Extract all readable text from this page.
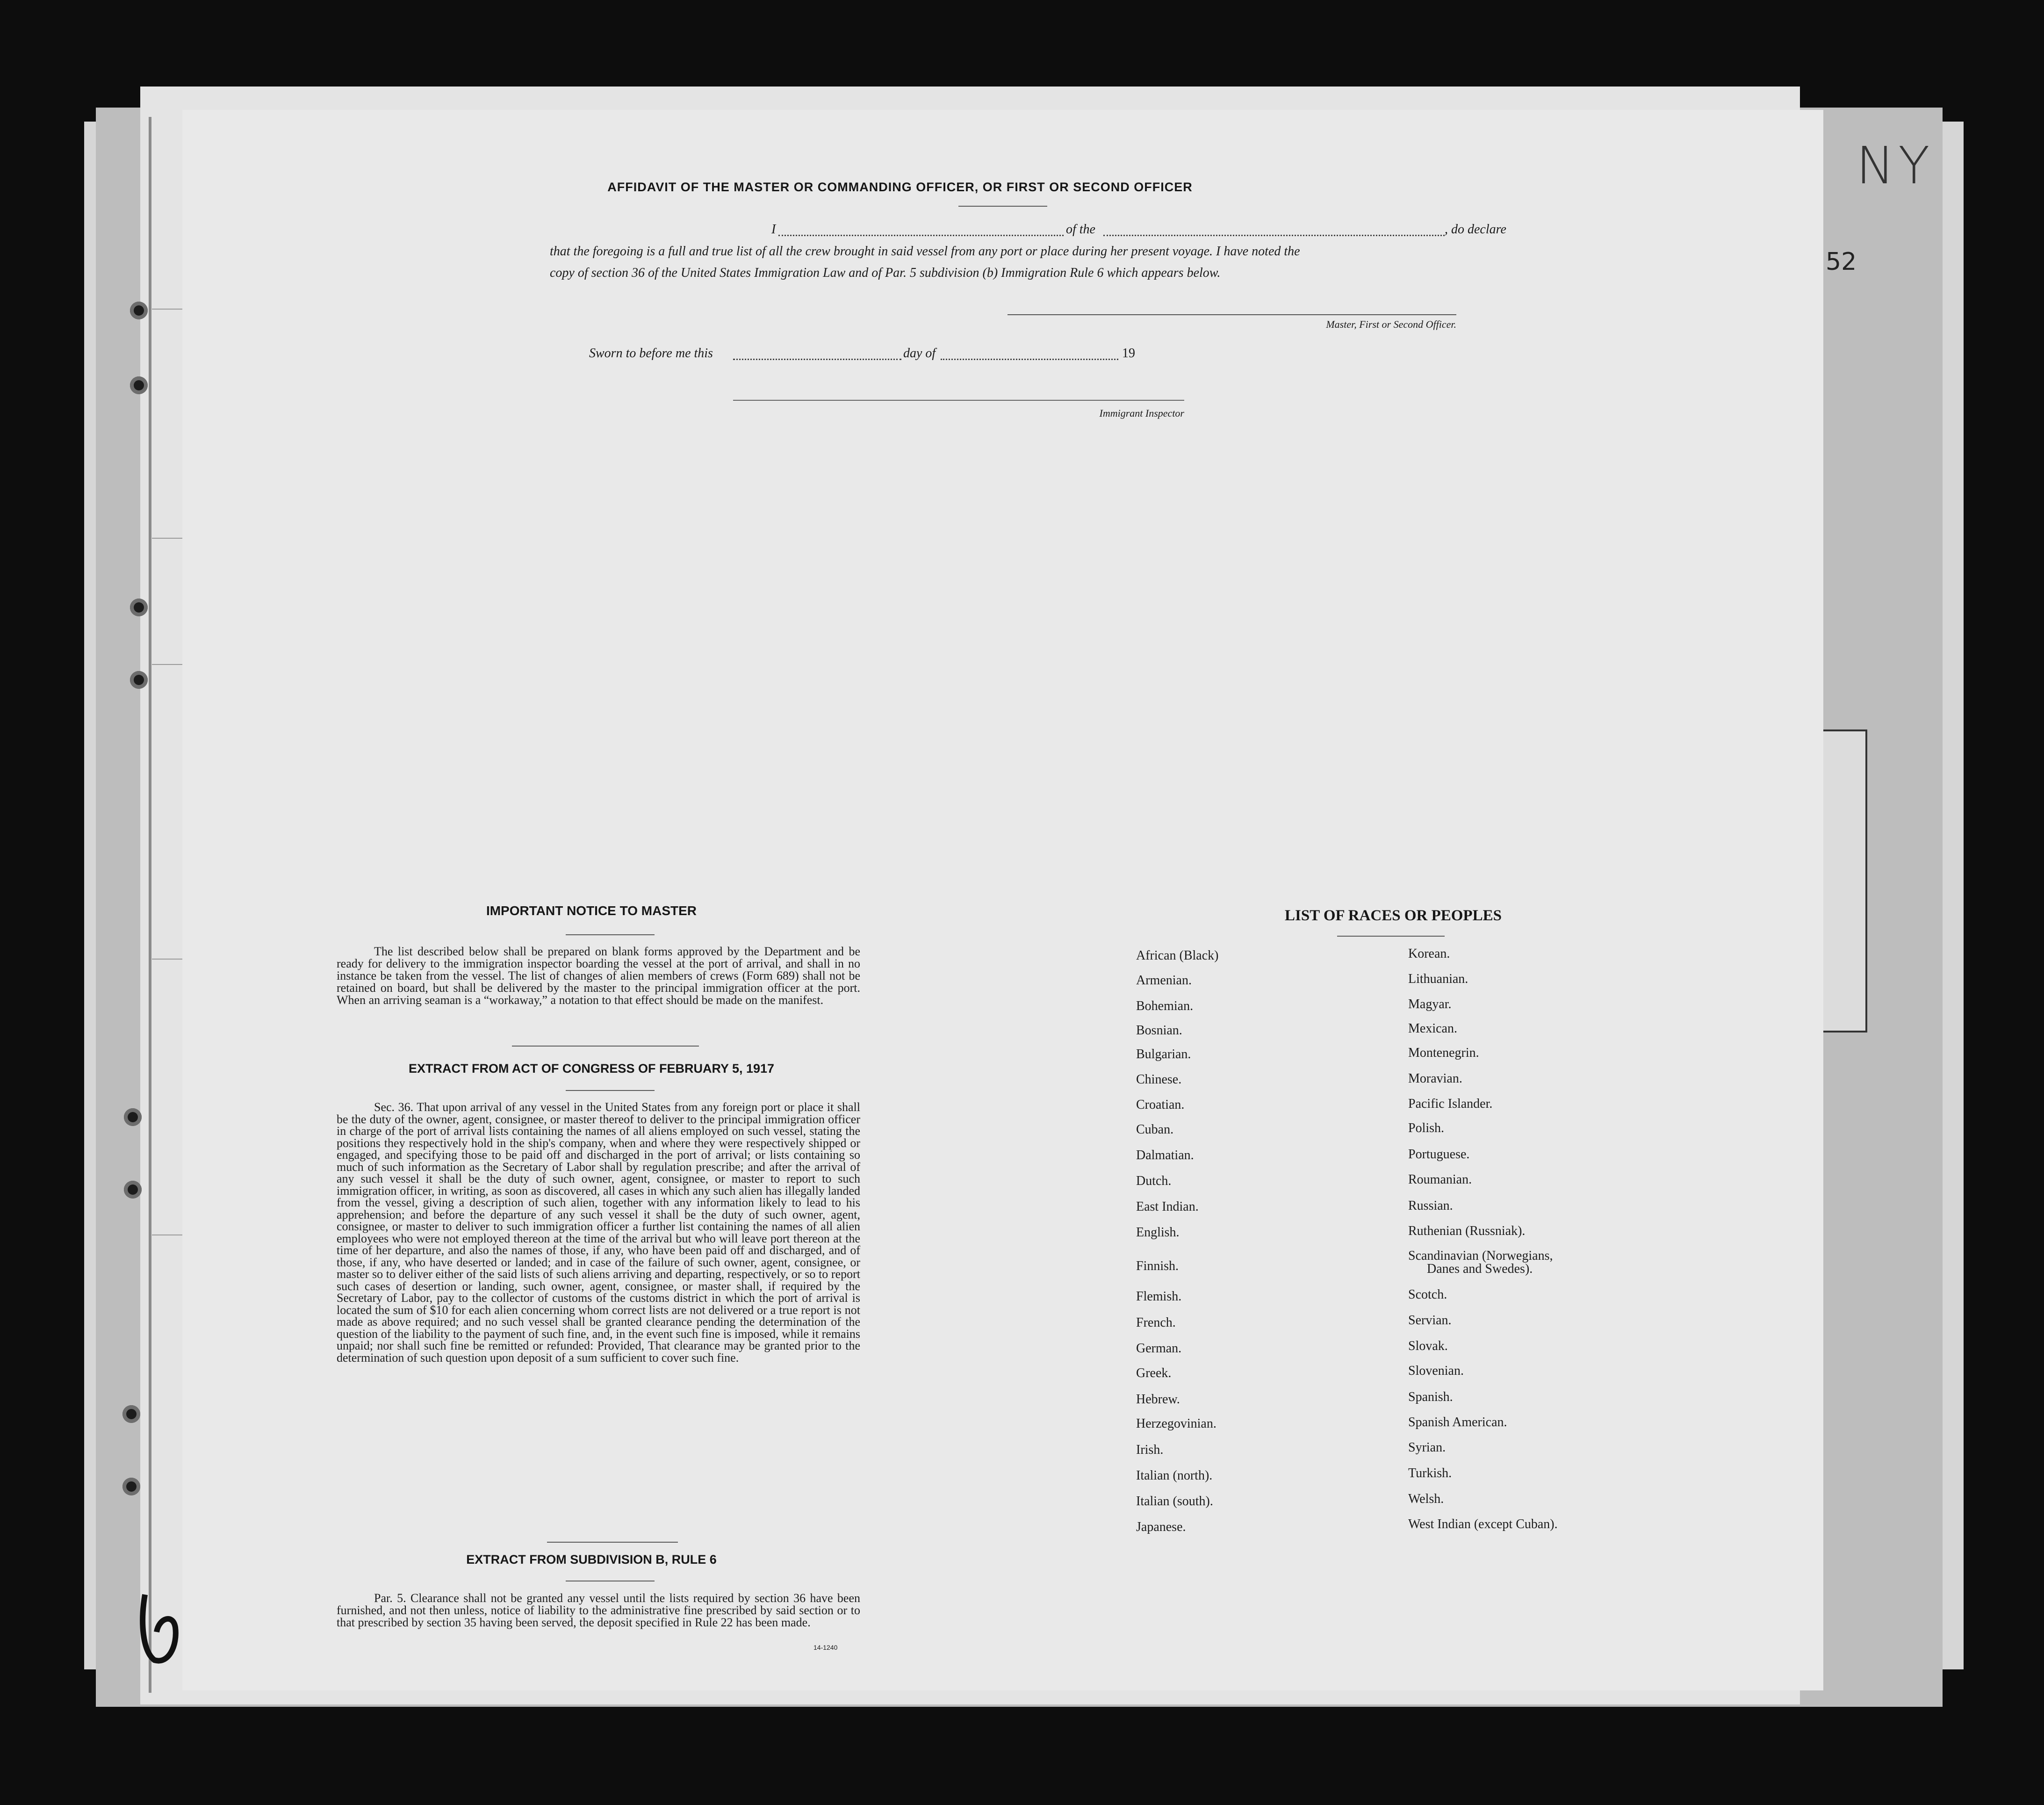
NY
52
AFFIDAVIT OF THE MASTER OR COMMANDING OFFICER, OR FIRST OR SECOND OFFICER
I	of the	, do declare
that the foregoing is a full and true list of all the crew brought in said vessel from any port or place during her present voyage. I have noted the
copy of section 36 of the United States Immigration Law and of Par. 5 subdivision (b) Immigration Rule 6 which appears below.
Master, First or Second Officer.
Sworn to before me this	day of	19
Immigrant Inspector
IMPORTANT NOTICE TO MASTER
The list described below shall be prepared on blank forms approved by the Department and be ready for delivery to the immigration inspector boarding the vessel at the port of arrival, and shall in no instance be taken from the vessel. The list of changes of alien members of crews (Form 689) shall not be retained on board, but shall be delivered by the master to the principal immigration officer at the port. When an arriving seaman is a “workaway,” a notation to that effect should be made on the manifest.
EXTRACT FROM ACT OF CONGRESS OF FEBRUARY 5, 1917
Sec. 36. That upon arrival of any vessel in the United States from any foreign port or place it shall be the duty of the owner, agent, consignee, or master thereof to deliver to the principal immigration officer in charge of the port of arrival lists containing the names of all aliens employed on such vessel, stating the positions they respectively hold in the ship's company, when and where they were respectively shipped or engaged, and specifying those to be paid off and discharged in the port of arrival; or lists containing so much of such information as the Secretary of Labor shall by regulation prescribe; and after the arrival of any such vessel it shall be the duty of such owner, agent, consignee, or master to report to such immigration officer, in writing, as soon as discovered, all cases in which any such alien has illegally landed from the vessel, giving a description of such alien, together with any information likely to lead to his apprehension; and before the departure of any such vessel it shall be the duty of such owner, agent, consignee, or master to deliver to such immigration officer a further list containing the names of all alien employees who were not employed thereon at the time of the arrival but who will leave port thereon at the time of her departure, and also the names of those, if any, who have been paid off and discharged, and of those, if any, who have deserted or landed; and in case of the failure of such owner, agent, consignee, or master so to deliver either of the said lists of such aliens arriving and departing, respectively, or so to report such cases of desertion or landing, such owner, agent, consignee, or master shall, if required by the Secretary of Labor, pay to the collector of customs of the customs district in which the port of arrival is located the sum of $10 for each alien concerning whom correct lists are not delivered or a true report is not made as above required; and no such vessel shall be granted clearance pending the determination of the question of the liability to the payment of such fine, and, in the event such fine is imposed, while it remains unpaid; nor shall such fine be remitted or refunded: Provided, That clearance may be granted prior to the determination of such question upon deposit of a sum sufficient to cover such fine.
EXTRACT FROM SUBDIVISION B, RULE 6
Par. 5. Clearance shall not be granted any vessel until the lists required by section 36 have been furnished, and not then unless, notice of liability to the administrative fine prescribed by said section or to that prescribed by section 35 having been served, the deposit specified in Rule 22 has been made.
14-1240
LIST OF RACES OR PEOPLES
African (Black)
Armenian.
Bohemian.
Bosnian.
Bulgarian.
Chinese.
Croatian.
Cuban.
Dalmatian.
Dutch.
East Indian.
English.
Finnish.
Flemish.
French.
German.
Greek.
Hebrew.
Herzegovinian.
Irish.
Italian (north).
Italian (south).
Japanese.
Korean.
Lithuanian.
Magyar.
Mexican.
Montenegrin.
Moravian.
Pacific Islander.
Polish.
Portuguese.
Roumanian.
Russian.
Ruthenian (Russniak).
Scandinavian (Norwegians,
Danes and Swedes).
Scotch.
Servian.
Slovak.
Slovenian.
Spanish.
Spanish American.
Syrian.
Turkish.
Welsh.
West Indian (except Cuban).
